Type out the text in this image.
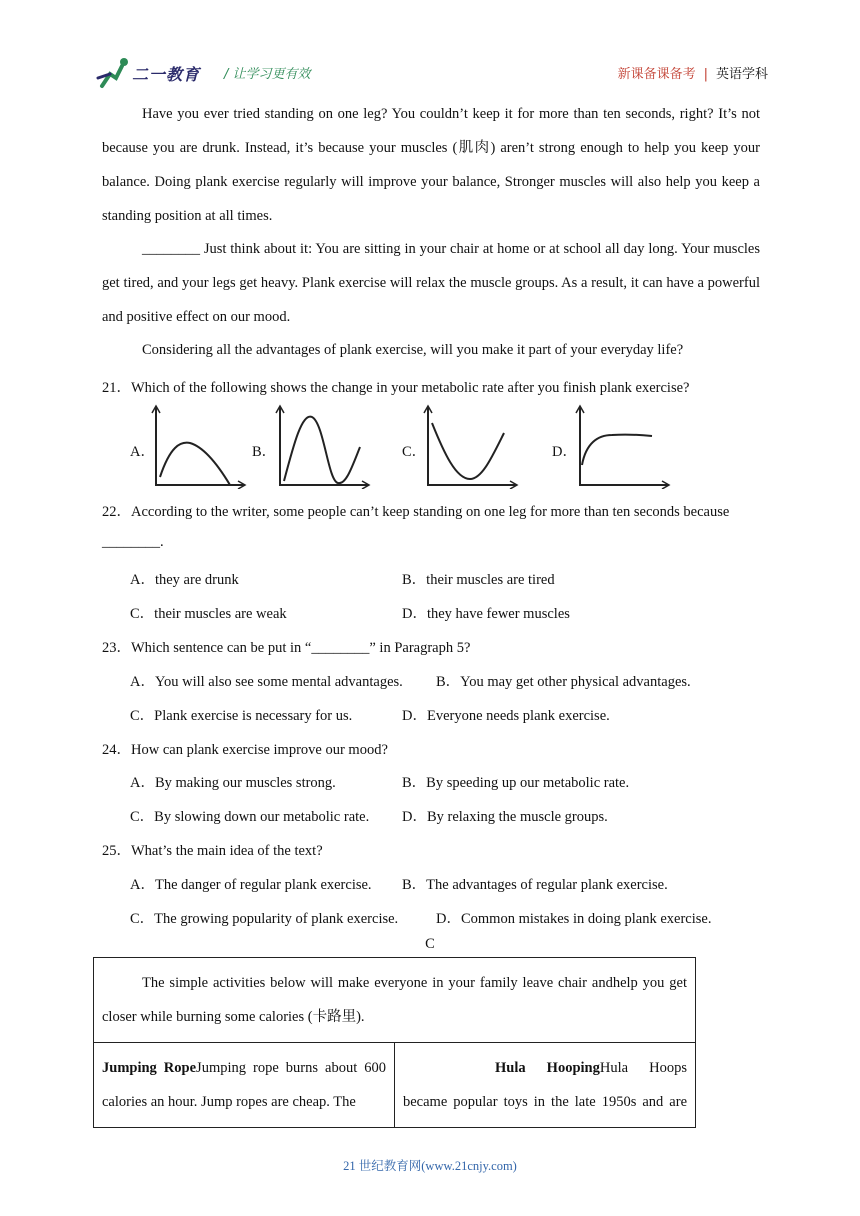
二一教育 / 让学习更有效	新课备课备考 | 英语学科
Have you ever tried standing on one leg? You couldn’t keep it for more than ten seconds, right? It’s not because you are drunk. Instead, it’s because your muscles (肌肉) aren’t strong enough to help you keep your balance. Doing plank exercise regularly will improve your balance, Stronger muscles will also help you keep a standing position at all times.
________ Just think about it: You are sitting in your chair at home or at school all day long. Your muscles get tired, and your legs get heavy. Plank exercise will relax the muscle groups. As a result, it can have a powerful and positive effect on our mood.
Considering all the advantages of plank exercise, will you make it part of your everyday life?
21．Which of the following shows the change in your metabolic rate after you finish plank exercise?
A．	B．	C．	D．
22．According to the writer, some people can’t keep standing on one leg for more than ten seconds because
________.
A．they are drunk	B．their muscles are tired
C．their muscles are weak	D．they have fewer muscles
23．Which sentence can be put in “________” in Paragraph 5?
A．You will also see some mental advantages. B．You may get other physical advantages.
C．Plank exercise is necessary for us.	D．Everyone needs plank exercise.
24．How can plank exercise improve our mood?
A．By making our muscles strong.	B．By speeding up our metabolic rate.
C．By slowing down our metabolic rate. D．By relaxing the muscle groups.
25．What’s the main idea of the text?
A．The danger of regular plank exercise. B．The advantages of regular plank exercise.
C．The growing popularity of plank exercise.	D．Common mistakes in doing plank exercise.
C
The simple activities below will make everyone in your family leave chair andhelp you get closer while burning some calories (卡路里).
Jumping RopeJumping rope burns about 600 calories an hour. Jump ropes are cheap. The	Hula HoopingHula Hoops became popular toys in the late 1950s and are
21 世纪教育网(www.21cnjy.com)
